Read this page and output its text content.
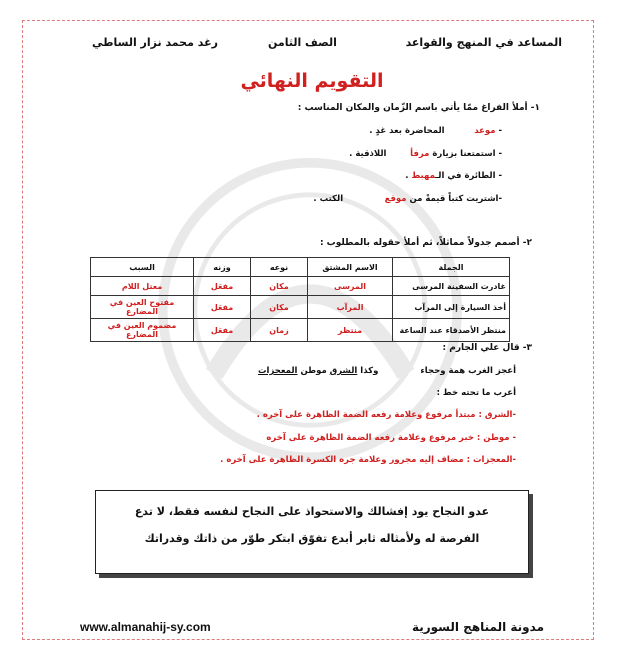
المساعد في المنهج والقواعد
الصف الثامن
رغد محمد نزار الساطي
التقويم النهائي
١- أملأ الفراغ ممّا يأتي باسم الزّمان والمكان المناسب :
- موعد          المحاضرة بعد غدٍ .
- استمتعنا بزيارة مرفأ        اللاذقية .
- الطائرة في الـمهبط .
-اشتريت كتباً قيمةً من موقع              الكتب .
٢- أصمم جدولاً مماثلاً، ثم أملأ حقوله بالمطلوب :
الجملة	الاسم المشتق	نوعه	وزنه	السبب
غادرت السفينة المرسى	المرسى	مكان	مفعَل	معتل اللام
أخذ السيارة إلى المرآب	المرآب	مكان	مفعَل	مفتوح العين في المضارع
منتظر الأصدقاء عند الساعة	منتظر	زمان	مفعَل	مضموم العين في المضارع
٣- قال علي الجارم :
أعجز الغرب همة وحجاء
وكذا الشرق موطن المعجزات
أعرب ما تحته خط :
-الشرق : مبتدأ مرفوع وعلامة رفعه الضمة الظاهرة على آخره .
- موطن : خبر مرفوع وعلامة رفعه الضمة الظاهرة على آخره
-المعجزات : مضاف إليه مجرور وعلامة جره الكسرة الظاهرة على آخره .

عدو النجاح يود إفشالك والاستحواذ على النجاح لنفسه فقط، لا تدع

الفرصة له ولأمثاله ثابر أبدع تفوّق ابتكر طوّر من ذاتك وقدراتك

www.almanahij-sy.com	مدونة المناهج السورية
